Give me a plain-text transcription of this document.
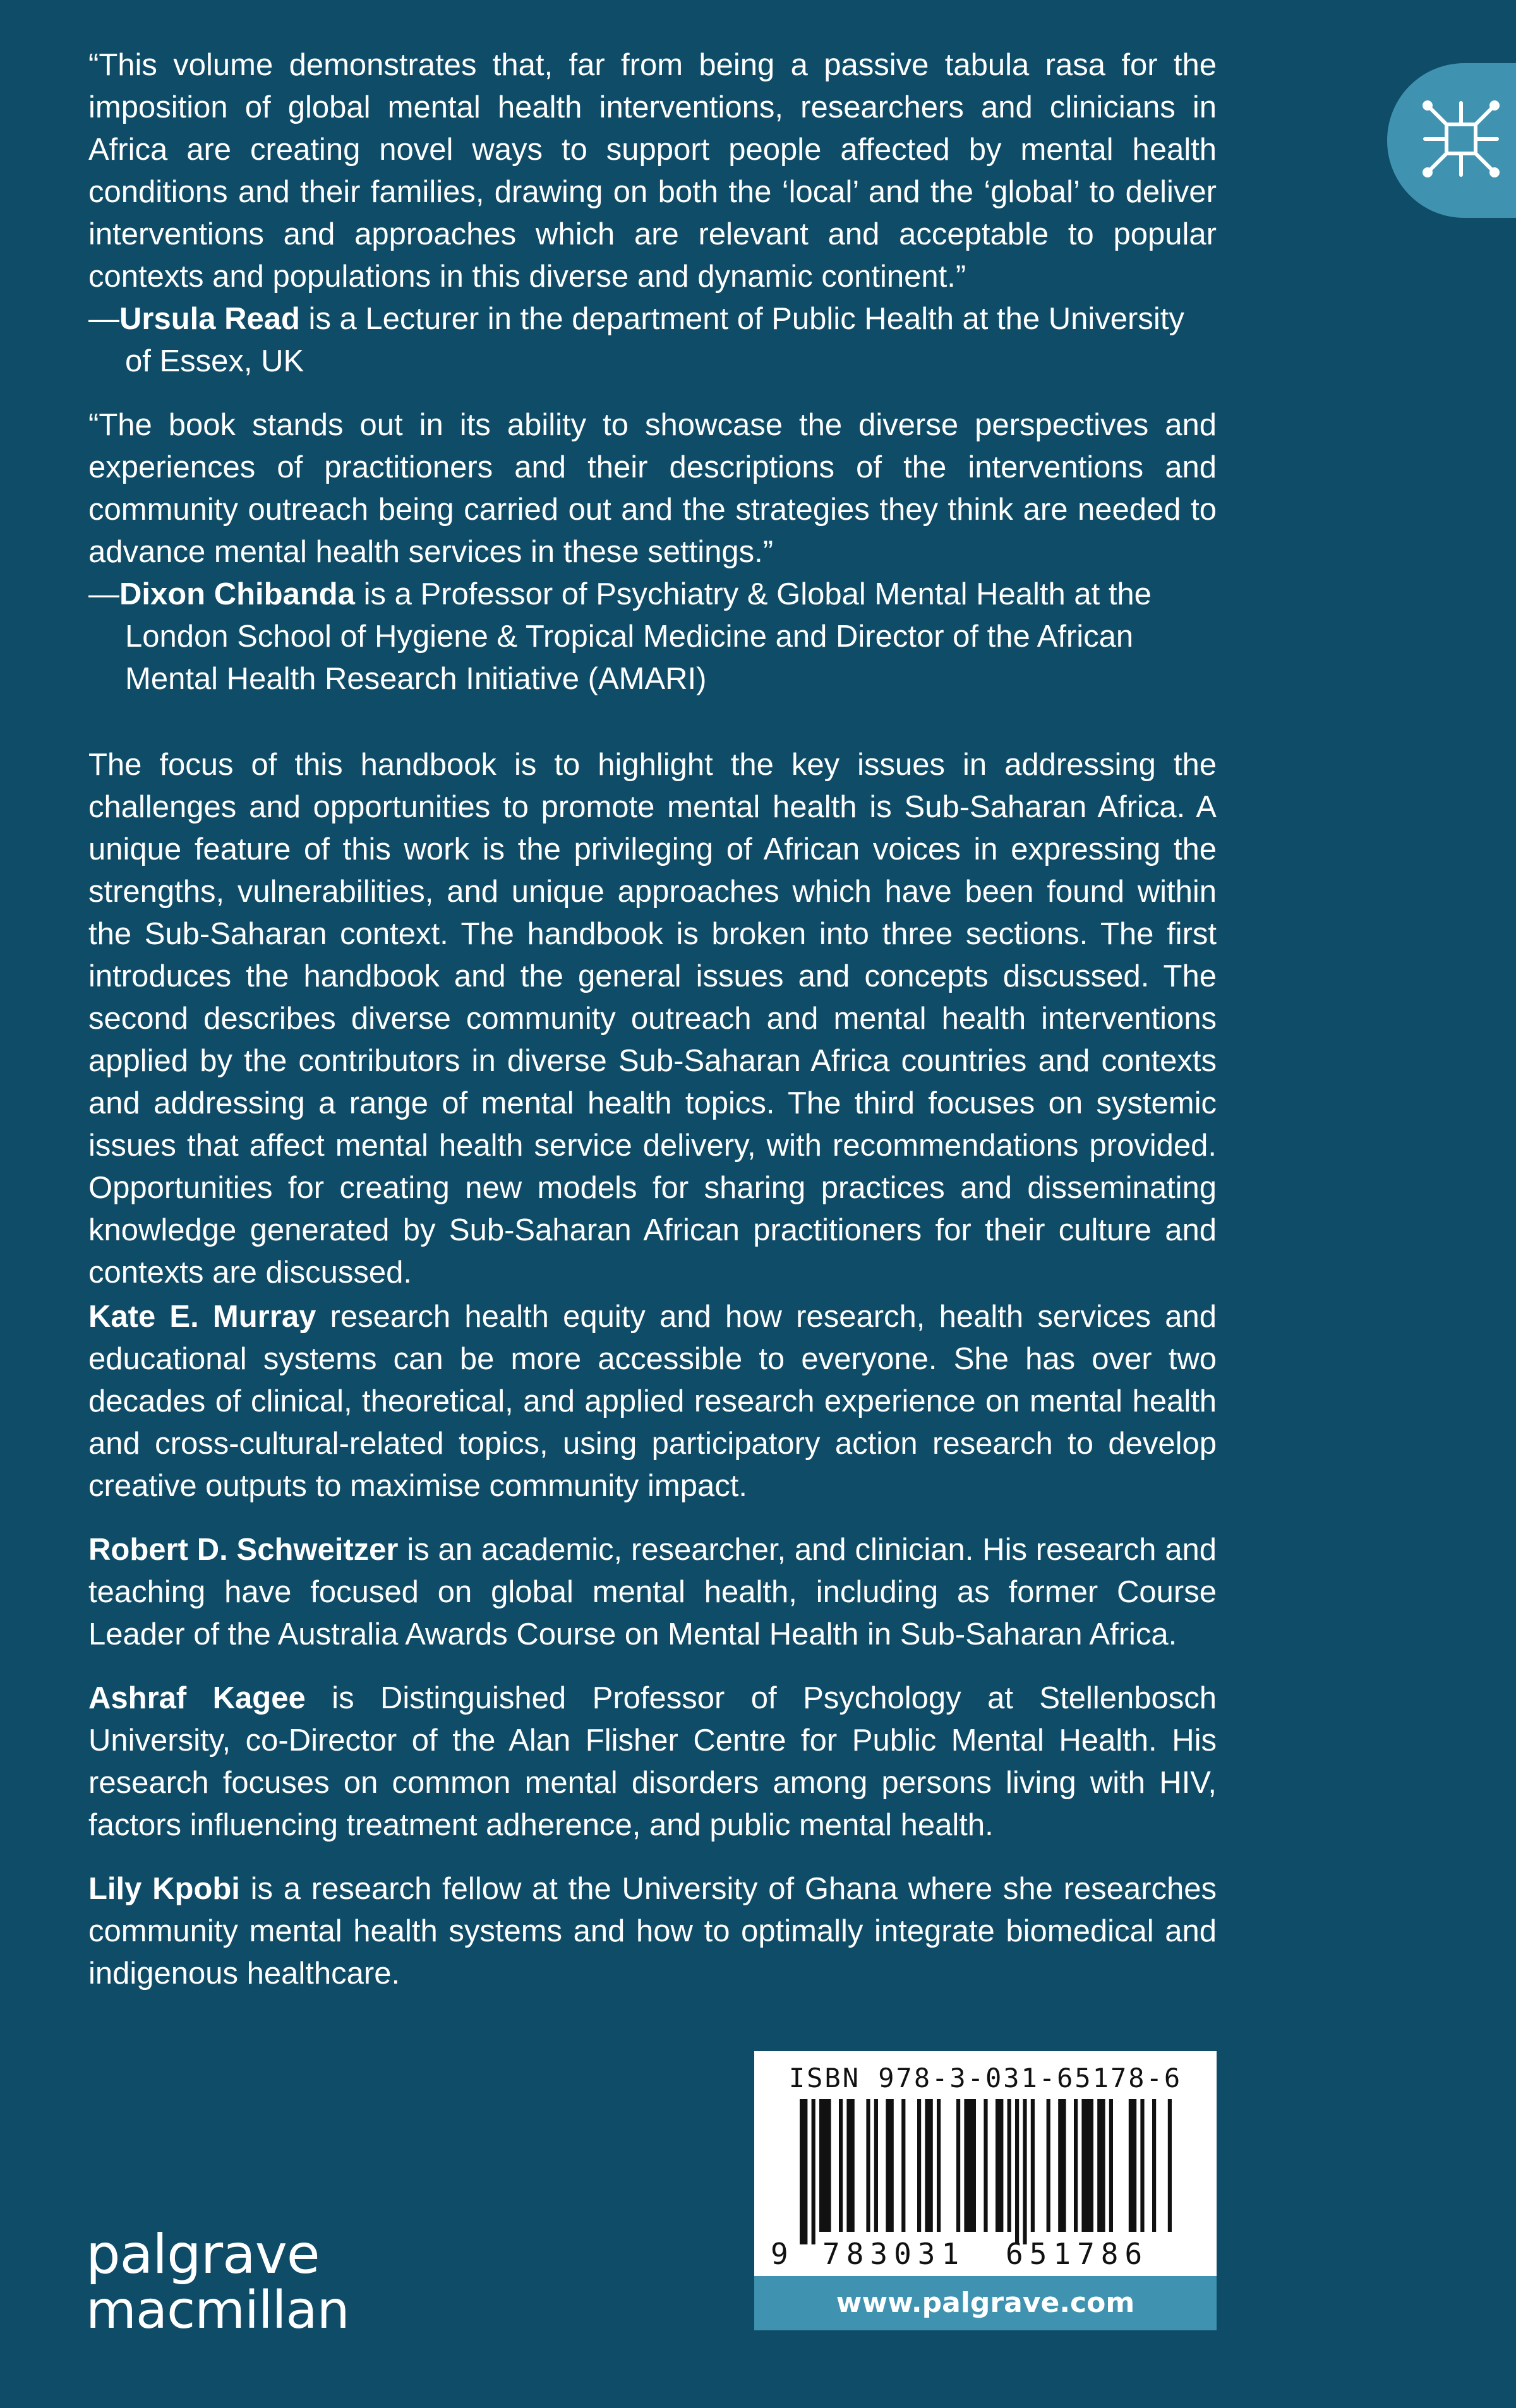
“This volume demonstrates that, far from being a passive tabula rasa for the imposition of global mental health interventions, researchers and clinicians in Africa are creating novel ways to support people affected by mental health conditions and their families, drawing on both the ‘local’ and the ‘global’ to deliver interventions and approaches which are relevant and acceptable to popular contexts and populations in this diverse and dynamic continent.”

—Ursula Read is a Lecturer in the department of Public Health at the University of Essex, UK

“The book stands out in its ability to showcase the diverse perspectives and experiences of practitioners and their descriptions of the interventions and community outreach being carried out and the strategies they think are needed to advance mental health services in these settings.”

—Dixon Chibanda is a Professor of Psychiatry & Global Mental Health at the London School of Hygiene & Tropical Medicine and Director of the African Mental Health Research Initiative (AMARI)

The focus of this handbook is to highlight the key issues in addressing the challenges and opportunities to promote mental health is Sub-Saharan Africa. A unique feature of this work is the privileging of African voices in expressing the strengths, vulnerabilities, and unique approaches which have been found within the Sub-Saharan context. The handbook is broken into three sections. The first introduces the handbook and the general issues and concepts discussed. The second describes diverse community outreach and mental health interventions applied by the contributors in diverse Sub-Saharan Africa countries and contexts and addressing a range of mental health topics. The third focuses on systemic issues that affect mental health service delivery, with recommendations provided. Opportunities for creating new models for sharing practices and disseminating knowledge generated by Sub-Saharan African practitioners for their culture and contexts are discussed.

Kate E. Murray research health equity and how research, health services and educational systems can be more accessible to everyone. She has over two decades of clinical, theoretical, and applied research experience on mental health and cross-cultural-related topics, using participatory action research to develop creative outputs to maximise community impact.

Robert D. Schweitzer is an academic, researcher, and clinician. His research and teaching have focused on global mental health, including as former Course Leader of the Australia Awards Course on Mental Health in Sub-Saharan Africa.

Ashraf Kagee is Distinguished Professor of Psychology at Stellenbosch University, co-Director of the Alan Flisher Centre for Public Mental Health. His research focuses on common mental disorders among persons living with HIV, factors influencing treatment adherence, and public mental health.

Lily Kpobi is a research fellow at the University of Ghana where she researches community mental health systems and how to optimally integrate biomedical and indigenous healthcare.

ISBN 978-3-031-65178-6
9 783031 651786
www.palgrave.com
palgrave
macmillan
